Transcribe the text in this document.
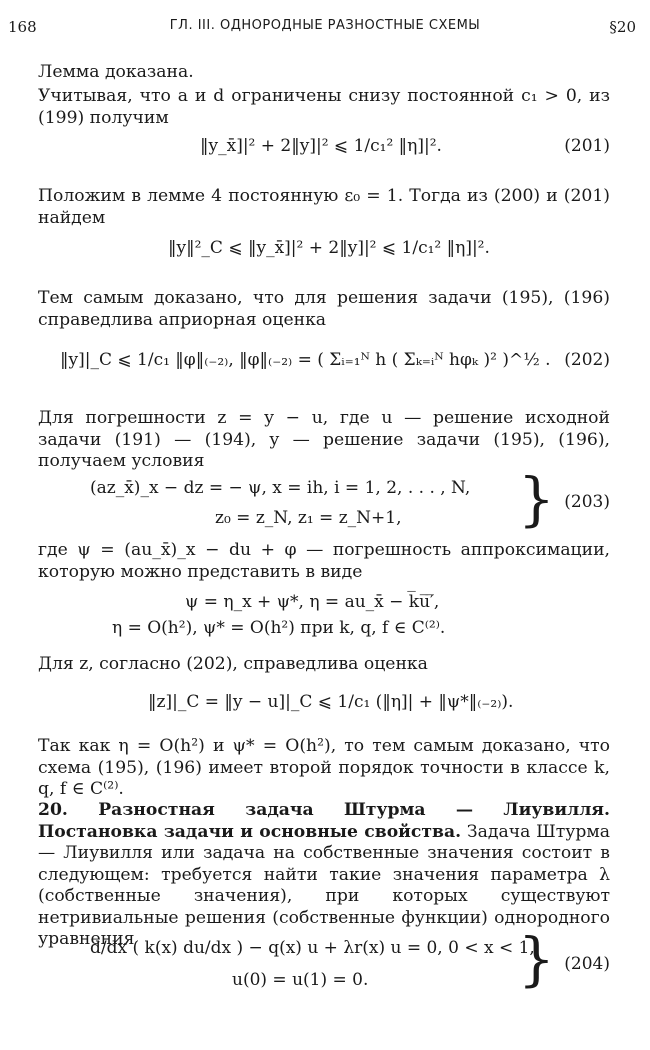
168	ГЛ. III. ОДНОРОДНЫЕ РАЗНОСТНЫЕ СХЕМЫ	§20
Лемма доказана.
Учитывая, что a и d ограничены снизу постоянной c₁ > 0, из (199) получим
‖y_x̄]|² + 2‖y]|² ⩽ 1/c₁² ‖η]|².	(201)
Положим в лемме 4 постоянную ε₀ = 1. Тогда из (200) и (201) найдем
‖y‖²_C ⩽ ‖y_x̄]|² + 2‖y]|² ⩽ 1/c₁² ‖η]|².
Тем самым доказано, что для решения задачи (195), (196) справедлива априорная оценка
‖y]|_C ⩽ 1/c₁ ‖φ‖₍₋₂₎, ‖φ‖₍₋₂₎ = ( Σᵢ₌₁ᴺ h ( Σₖ₌ᵢᴺ hφₖ )² )^½ . (202)
Для погрешности z = y − u, где u — решение исходной задачи (191) — (194), y — решение задачи (195), (196), получаем условия
(az_x̄)_x − dz = − ψ, x = ih, i = 1, 2, . . . , N,
z₀ = z_N, z₁ = z_N+1, } (203)
где ψ = (au_x̄)_x − du + φ — погрешность аппроксимации, которую можно представить в виде
ψ = η_x + ψ*, η = au_x̄ − k̅u̅′̅,
η = O(h²), ψ* = O(h²) при k, q, f ∈ C⁽²⁾.
Для z, согласно (202), справедлива оценка
‖z]|_C = ‖y − u]|_C ⩽ 1/c₁ (‖η]| + ‖ψ*‖₍₋₂₎).
Так как η = O(h²) и ψ* = O(h²), то тем самым доказано, что схема (195), (196) имеет второй порядок точности в классе k, q, f ∈ C⁽²⁾.
20. Разностная задача Штурма — Лиувилля. Постановка задачи и основные свойства. Задача Штурма — Лиувилля или задача на собственные значения состоит в следующем: требуется найти такие значения параметра λ (собственные значения), при которых существуют нетривиальные решения (собственные функции) однородного уравнения
d/dx ( k(x) du/dx ) − q(x) u + λr(x) u = 0, 0 < x < 1,
u(0) = u(1) = 0.	} (204)
